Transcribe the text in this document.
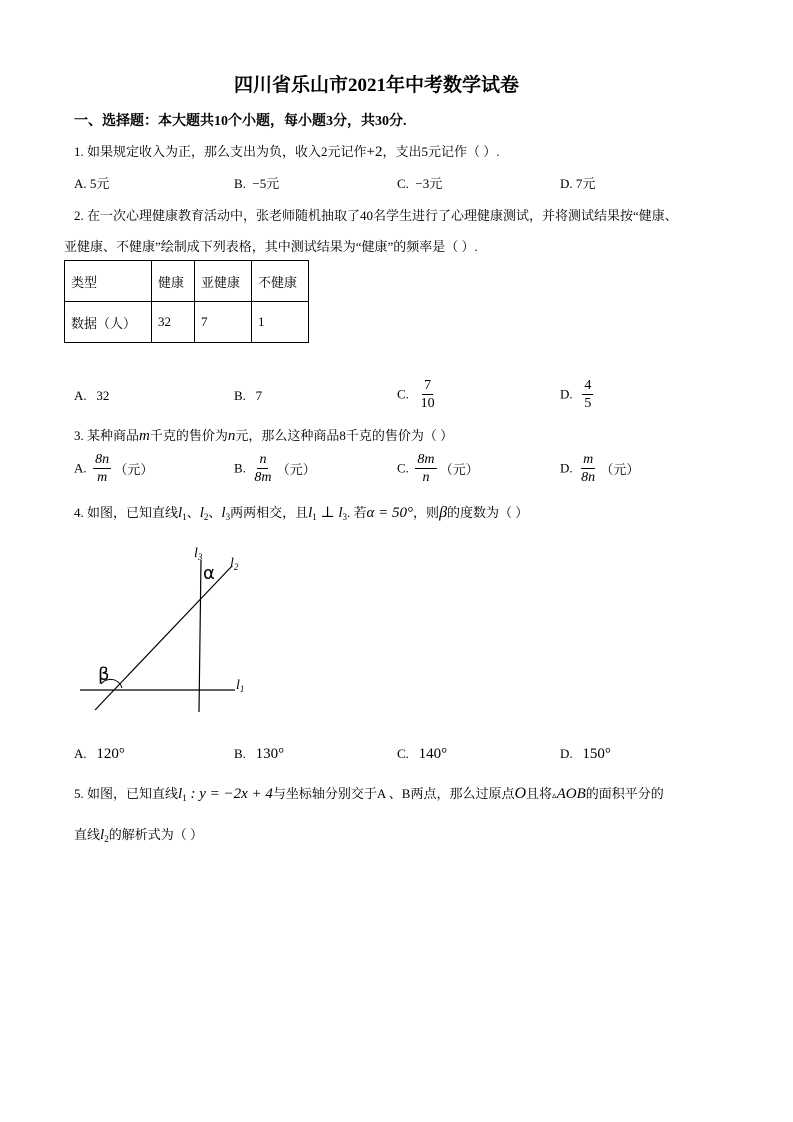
四川省乐山市2021年中考数学试卷
一、选择题：本大题共10个小题，每小题3分，共30分.
1. 如果规定收入为正，那么支出为负，收入2元记作+2，支出5元记作（ ）.
A. 5元	B. −5元	C. −3元	D. 7元
2. 在一次心理健康教育活动中，张老师随机抽取了40名学生进行了心理健康测试，并将测试结果按“健康、
亚健康、不健康”绘制成下列表格，其中测试结果为“健康”的频率是（ ）.
类型	健康	亚健康	不健康
数据（人）	32	7	1
A. 32	B. 7	C. $\frac{7}{10}$	D. $\frac{4}{5}$
3. 某种商品m千克的售价为n元，那么这种商品8千克的售价为（ ）
A. $\frac{8n}{m}$ （元）	B. $\frac{n}{8m}$ （元）	C. $\frac{8m}{n}$ （元）	D. $\frac{m}{8n}$ （元）
4. 如图，已知直线$l_1$、$l_2$、$l_3$两两相交，且$l_1$ ⊥ $l_3$. 若α = 50°，则β的度数为（ ）
$l_3$ $l_2$
$l_1$
α
β
A. 120°	B. 130°	C. 140°	D. 150°
5. 如图，已知直线$l_1$ : y = −2x + 4与坐标轴分别交于A 、B两点，那么过原点O且将▵AOB的面积平分的
直线$l_2$的解析式为（ ）
